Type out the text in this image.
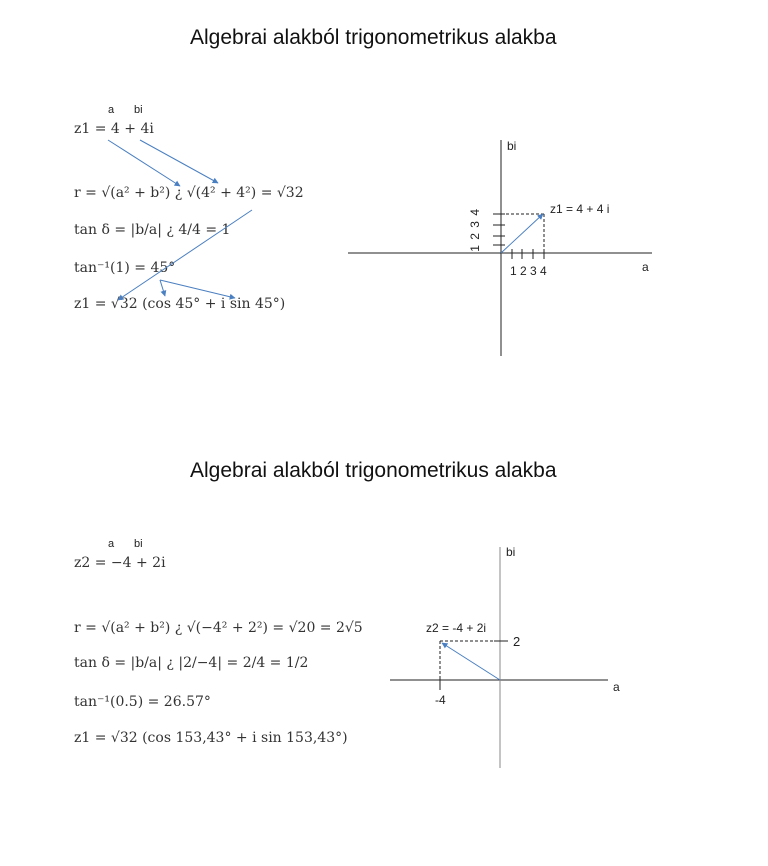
Algebrai alakból trigonometrikus alakba
a bi
z1 = 4 + 4i
r = √(a² + b²) ¿ √(4² + 4²) = √32
tan δ = |b/a| ¿ 4/4 = 1
tan⁻¹(1) = 45°
z1 = √32 (cos 45° + i sin 45°)
bi
a
z1 = 4 + 4 i
1 2 3 4
1 2 3 4
Algebrai alakból trigonometrikus alakba
a bi
z2 = −4 + 2i
r = √(a² + b²) ¿ √(−4² + 2²) = √20 = 2√5
tan δ = |b/a| ¿ |2/−4| = 2/4 = 1/2
tan⁻¹(0.5) = 26.57°
z1 = √32 (cos 153,43° + i sin 153,43°)
bi
a
z2 = -4 + 2i
-4
2
